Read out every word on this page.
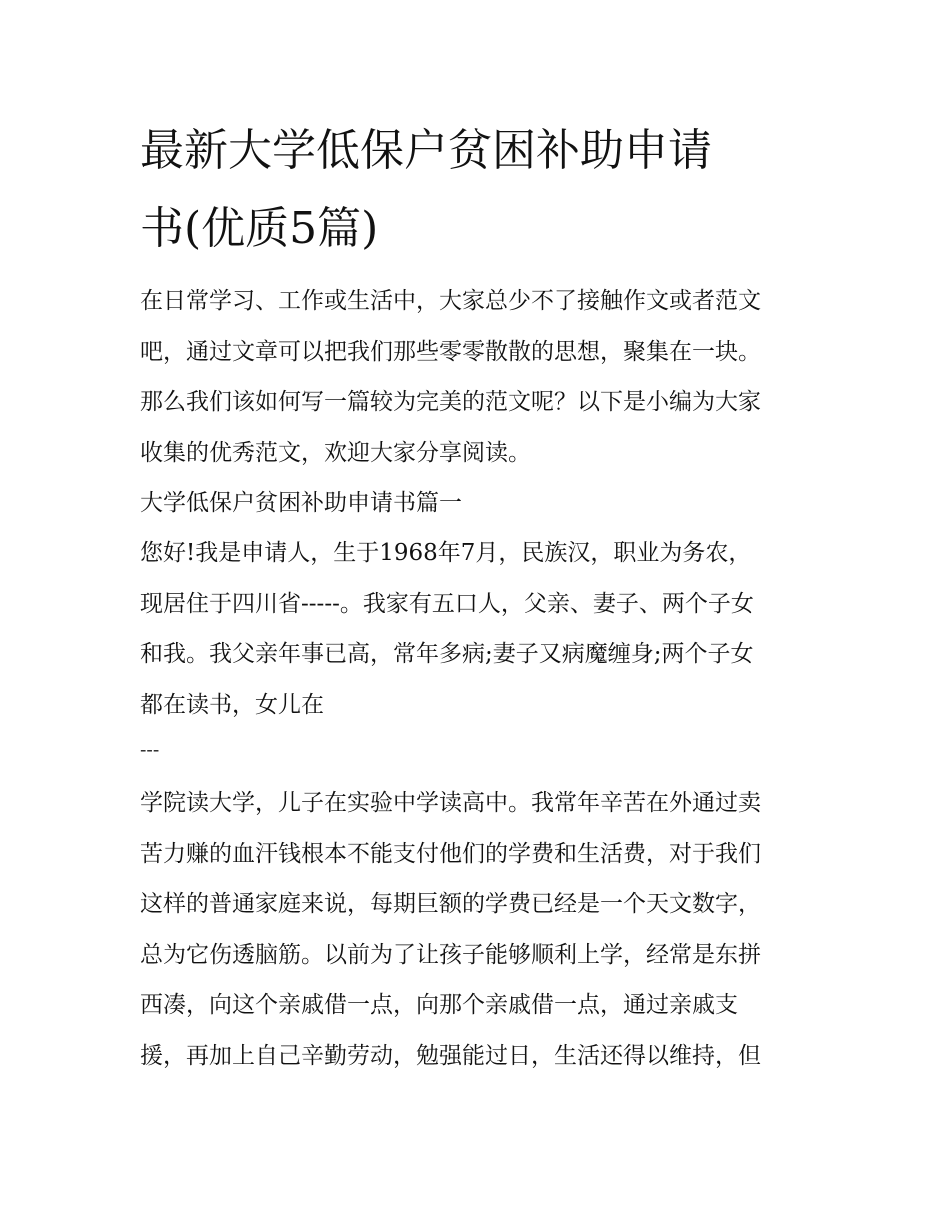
最新大学低保户贫困补助申请
书(优质5篇)
在日常学习、工作或生活中，大家总少不了接触作文或者范文
吧，通过文章可以把我们那些零零散散的思想，聚集在一块。
那么我们该如何写一篇较为完美的范文呢？以下是小编为大家
收集的优秀范文，欢迎大家分享阅读。
大学低保户贫困补助申请书篇一
您好!我是申请人，生于1968年7月，民族汉，职业为务农，
现居住于四川省-----。我家有五口人，父亲、妻子、两个子女
和我。我父亲年事已高，常年多病;妻子又病魔缠身;两个子女
都在读书，女儿在
---
学院读大学，儿子在实验中学读高中。我常年辛苦在外通过卖
苦力赚的血汗钱根本不能支付他们的学费和生活费，对于我们
这样的普通家庭来说，每期巨额的学费已经是一个天文数字，
总为它伤透脑筋。以前为了让孩子能够顺利上学，经常是东拼
西凑，向这个亲戚借一点，向那个亲戚借一点，通过亲戚支
援，再加上自己辛勤劳动，勉强能过日，生活还得以维持，但
